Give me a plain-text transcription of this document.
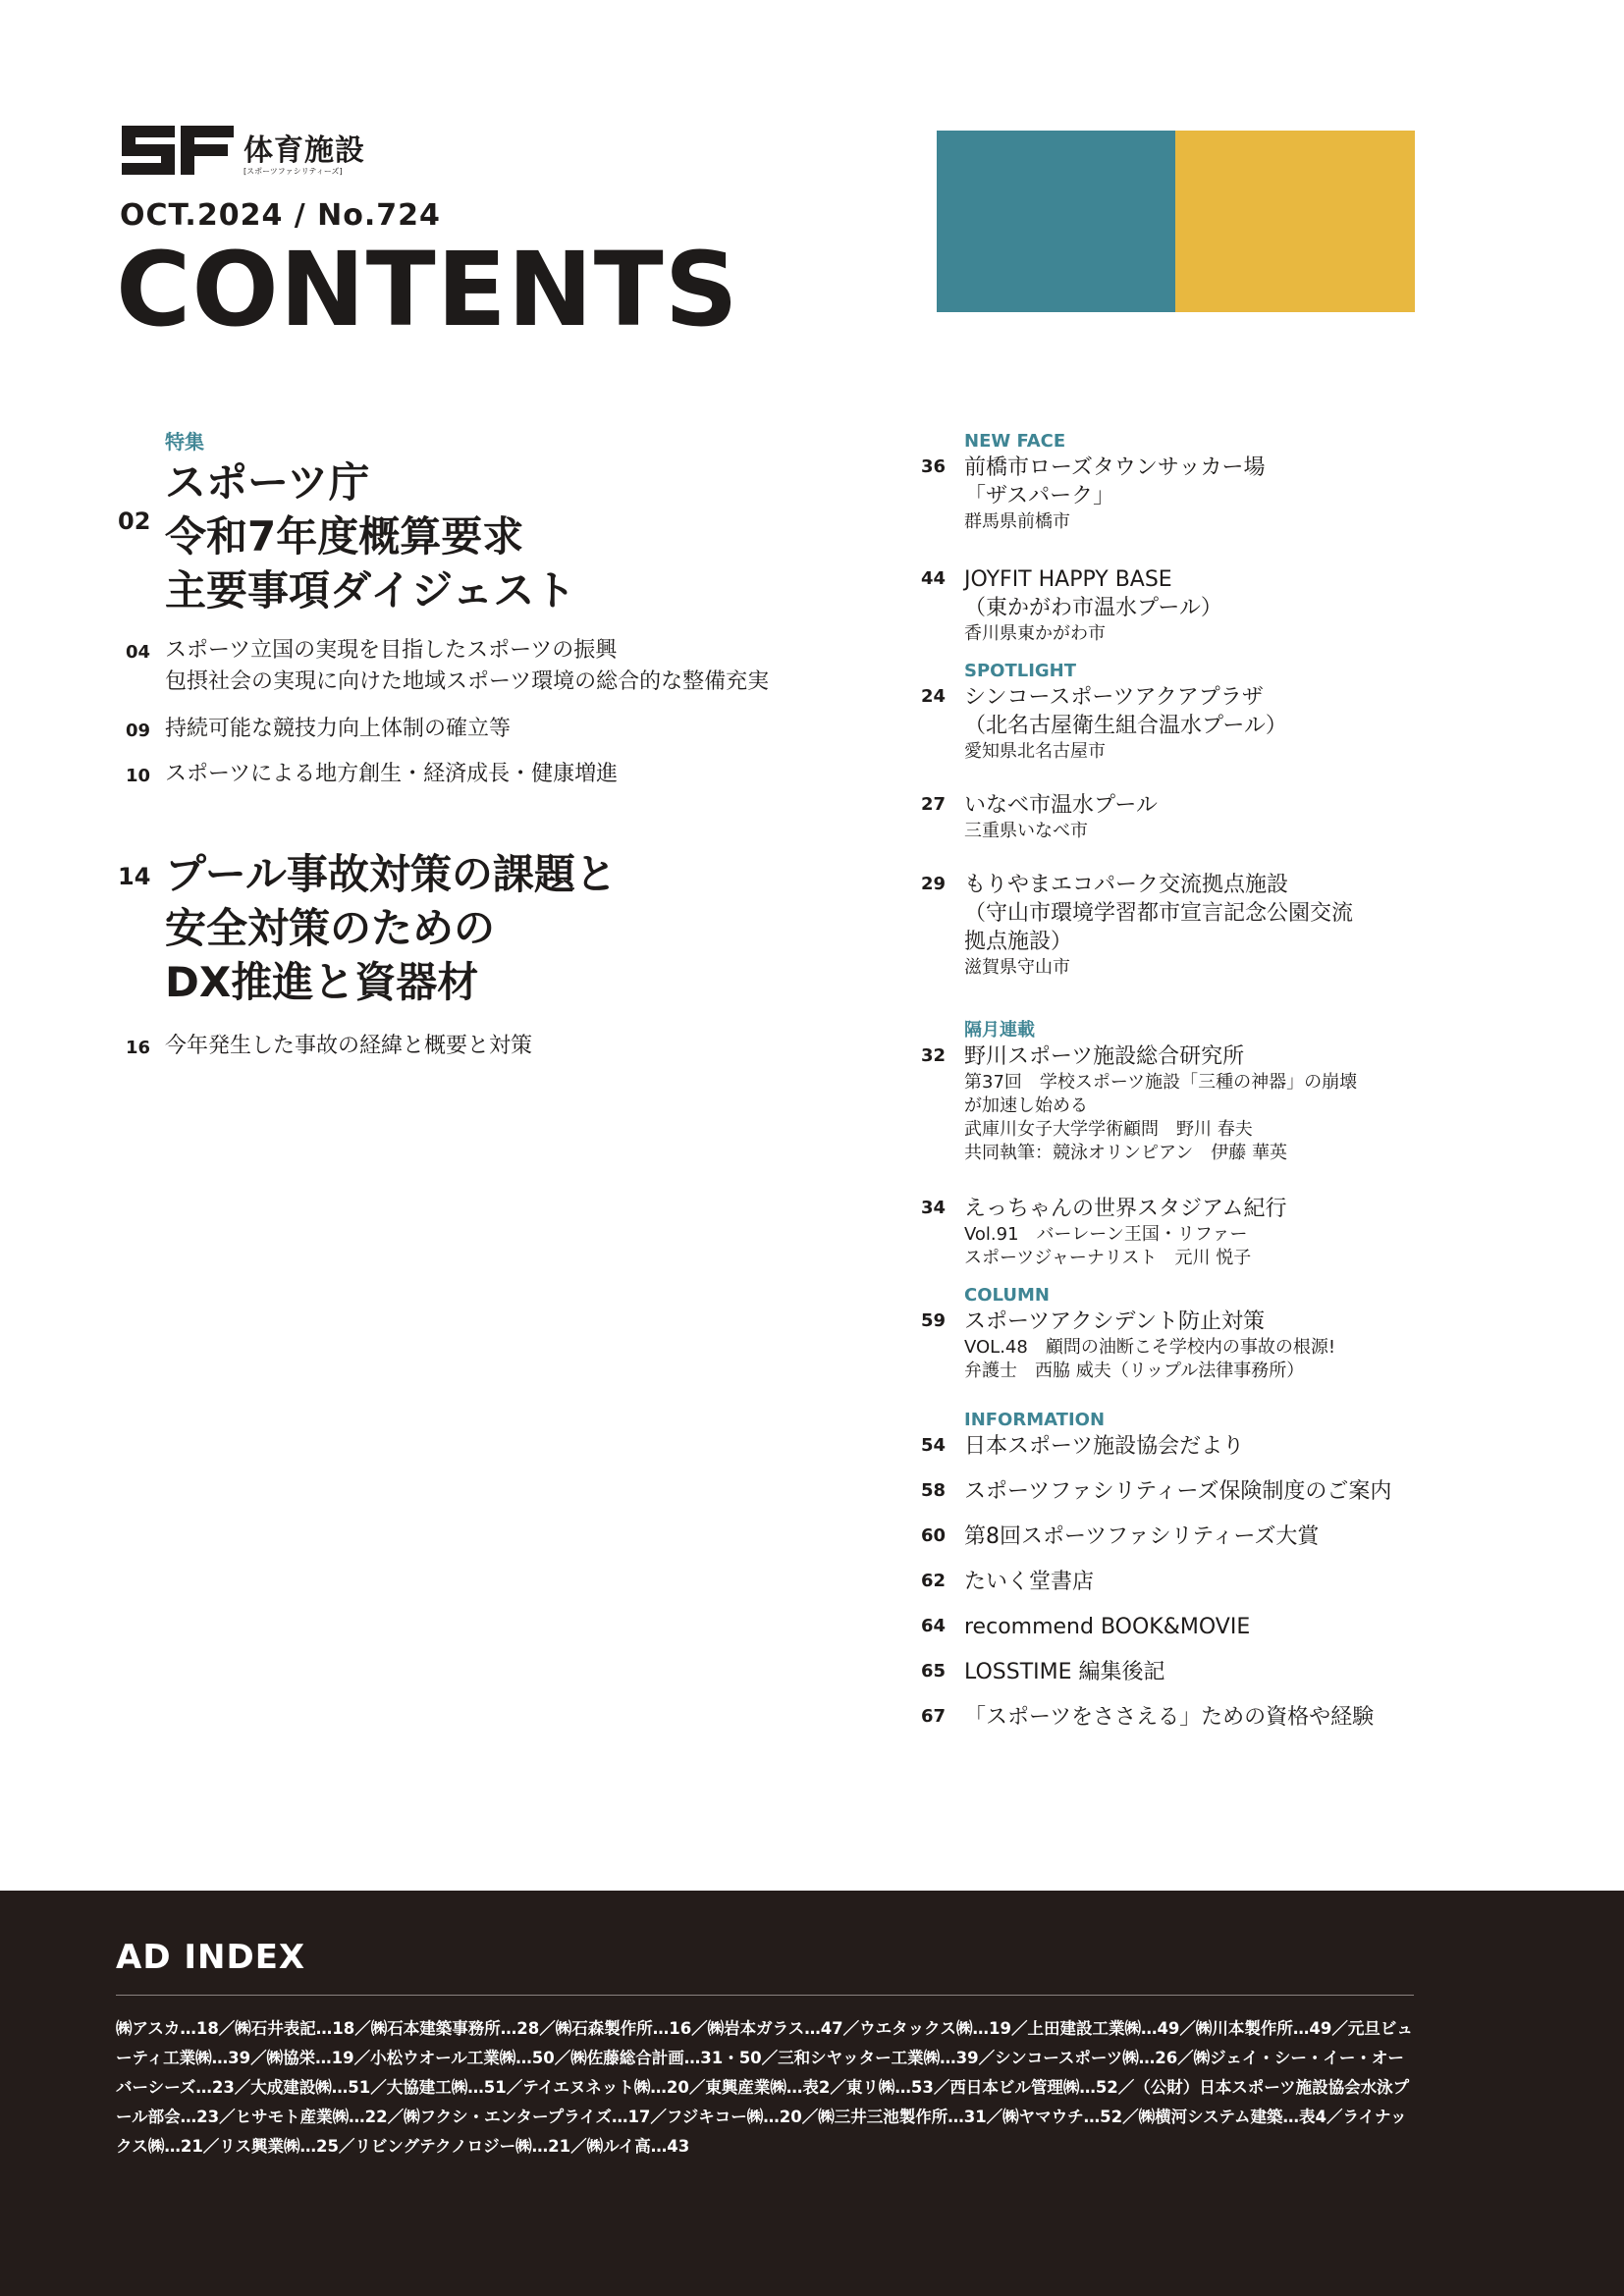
体育施設
[スポーツファシリティーズ]
OCT.2024 / No.724
CONTENTS
特集
02
スポーツ庁
令和7年度概算要求
主要事項ダイジェスト
04 スポーツ立国の実現を目指したスポーツの振興
包摂社会の実現に向けた地域スポーツ環境の総合的な整備充実
09 持続可能な競技力向上体制の確立等
10 スポーツによる地方創生・経済成長・健康増進
14 プール事故対策の課題と
安全対策のための
DX推進と資器材
16 今年発生した事故の経緯と概要と対策
NEW FACE
36 前橋市ローズタウンサッカー場
「ザスパーク」
群馬県前橋市
44 JOYFIT HAPPY BASE
（東かがわ市温水プール）
香川県東かがわ市
SPOTLIGHT
24 シンコースポーツアクアプラザ
（北名古屋衛生組合温水プール）
愛知県北名古屋市
27 いなべ市温水プール
三重県いなべ市
29 もりやまエコパーク交流拠点施設
（守山市環境学習都市宣言記念公園交流
拠点施設）
滋賀県守山市
隔月連載
32 野川スポーツ施設総合研究所
第37回　学校スポーツ施設「三種の神器」の崩壊
が加速し始める
武庫川女子大学学術顧問　野川 春夫
共同執筆：競泳オリンピアン　伊藤 華英
34 えっちゃんの世界スタジアム紀行
Vol.91　バーレーン王国・リファー
スポーツジャーナリスト　元川 悦子
COLUMN
59 スポーツアクシデント防止対策
VOL.48　顧問の油断こそ学校内の事故の根源!
弁護士　西脇 威夫（リップル法律事務所）
INFORMATION
54 日本スポーツ施設協会だより
58 スポーツファシリティーズ保険制度のご案内
60 第8回スポーツファシリティーズ大賞
62 たいく堂書店
64 recommend BOOK&MOVIE
65 LOSSTIME 編集後記
67 「スポーツをささえる」ための資格や経験
AD INDEX
㈱アスカ…18／㈱石井表記…18／㈱石本建築事務所…28／㈱石森製作所…16／㈱岩本ガラス…47／ウエタックス㈱…19／上田建設工業㈱…49／㈱川本製作所…49／元旦ビューティ工業㈱…39／㈱協栄…19／小松ウオール工業㈱…50／㈱佐藤総合計画…31・50／三和シヤッター工業㈱…39／シンコースポーツ㈱…26／㈱ジェイ・シー・イー・オーバーシーズ…23／大成建設㈱…51／大協建工㈱…51／テイエヌネット㈱…20／東興産業㈱…表2／東リ㈱…53／西日本ビル管理㈱…52／（公財）日本スポーツ施設協会水泳プール部会…23／ヒサモト産業㈱…22／㈱フクシ・エンタープライズ…17／フジキコー㈱…20／㈱三井三池製作所…31／㈱ヤマウチ…52／㈱横河システム建築…表4／ライナックス㈱…21／リス興業㈱…25／リビングテクノロジー㈱…21／㈱ルイ高…43
